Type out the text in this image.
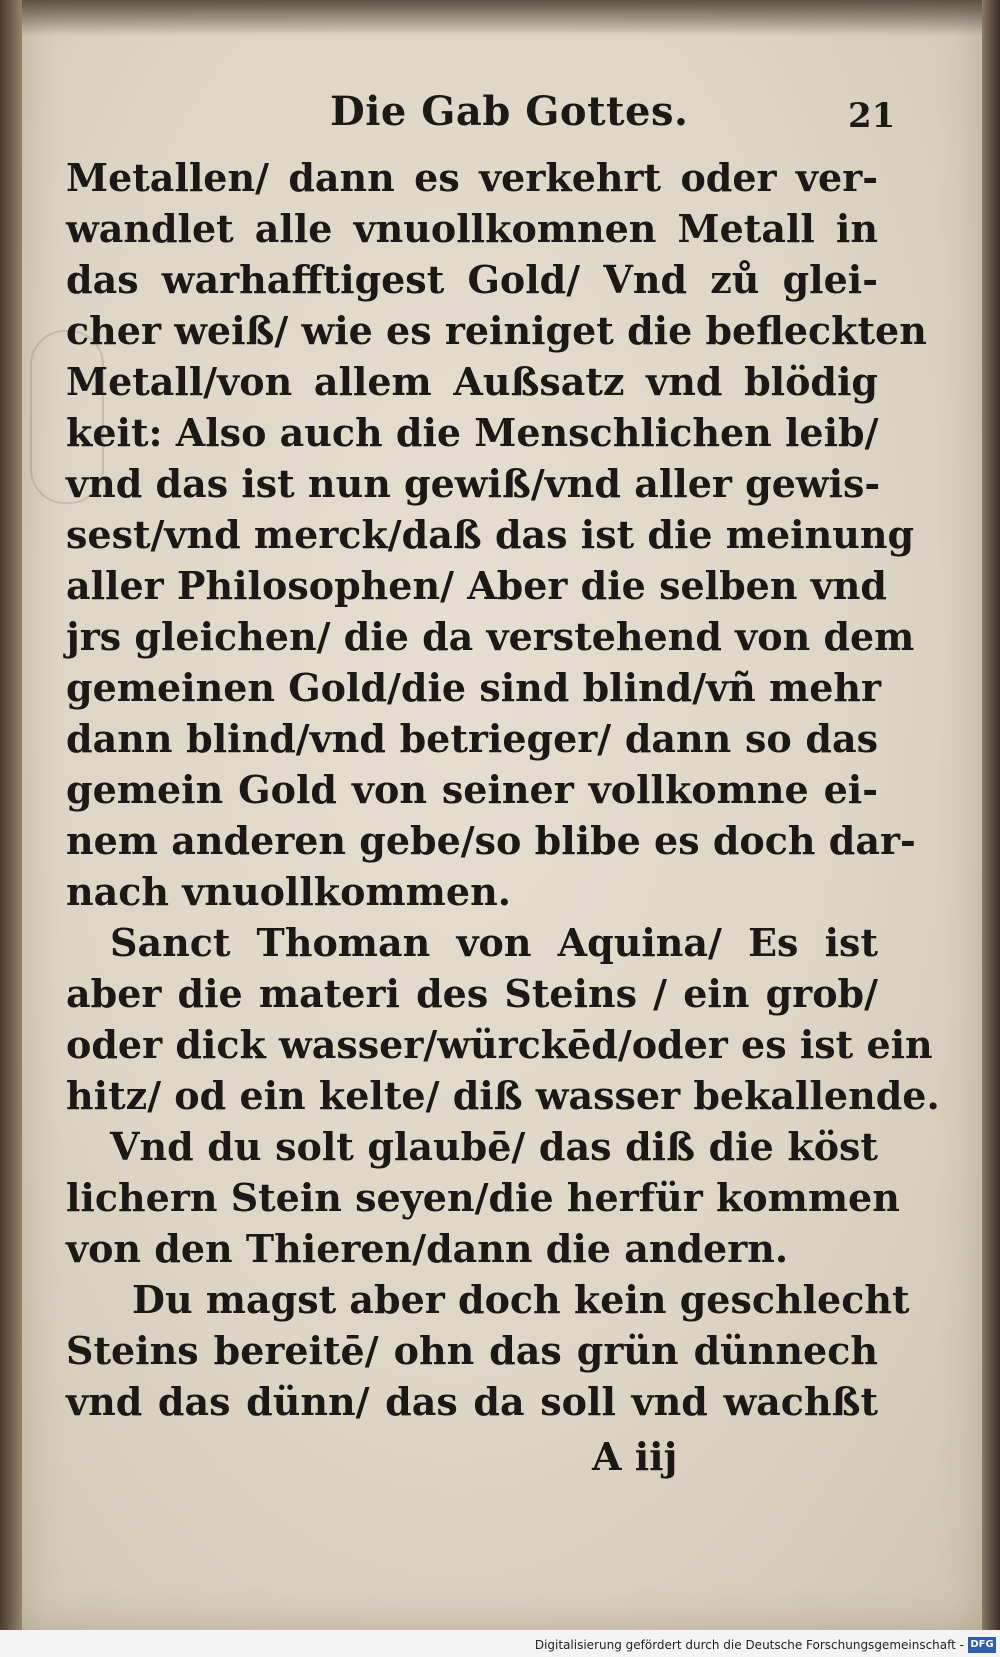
Die Gab Gottes.	21
Metallen/ dann es verkehrt oder ver-
wandlet alle vnuollkomnen Metall in
das warhafftigest Gold/ Vnd zů glei-
cher weiß/ wie es reiniget die befleckten
Metall/von allem Außsatz vnd blödig
keit: Also auch die Menschlichen leib/
vnd das ist nun gewiß/vnd aller gewis-
sest/vnd merck/daß das ist die meinung
aller Philosophen/ Aber die selben vnd
jrs gleichen/ die da verstehend von dem
gemeinen Gold/die sind blind/vñ mehr
dann blind/vnd betrieger/ dann so das
gemein Gold von seiner vollkomne ei-
nem anderen gebe/so blibe es doch dar-
nach vnuollkommen.
Sanct Thoman von Aquina/ Es ist
aber die materi des Steins / ein grob/
oder dick wasser/würckēd/oder es ist ein
hitz/ od ein kelte/ diß wasser bekallende.
Vnd du solt glaubē/ das diß die köst
lichern Stein seyen/die herfür kommen
von den Thieren/dann die andern.
Du magst aber doch kein geschlecht
Steins bereitē/ ohn das grün dünnech
vnd das dünn/ das da soll vnd wachßt
A iij
Digitalisierung gefördert durch die Deutsche Forschungsgemeinschaft - DFG
